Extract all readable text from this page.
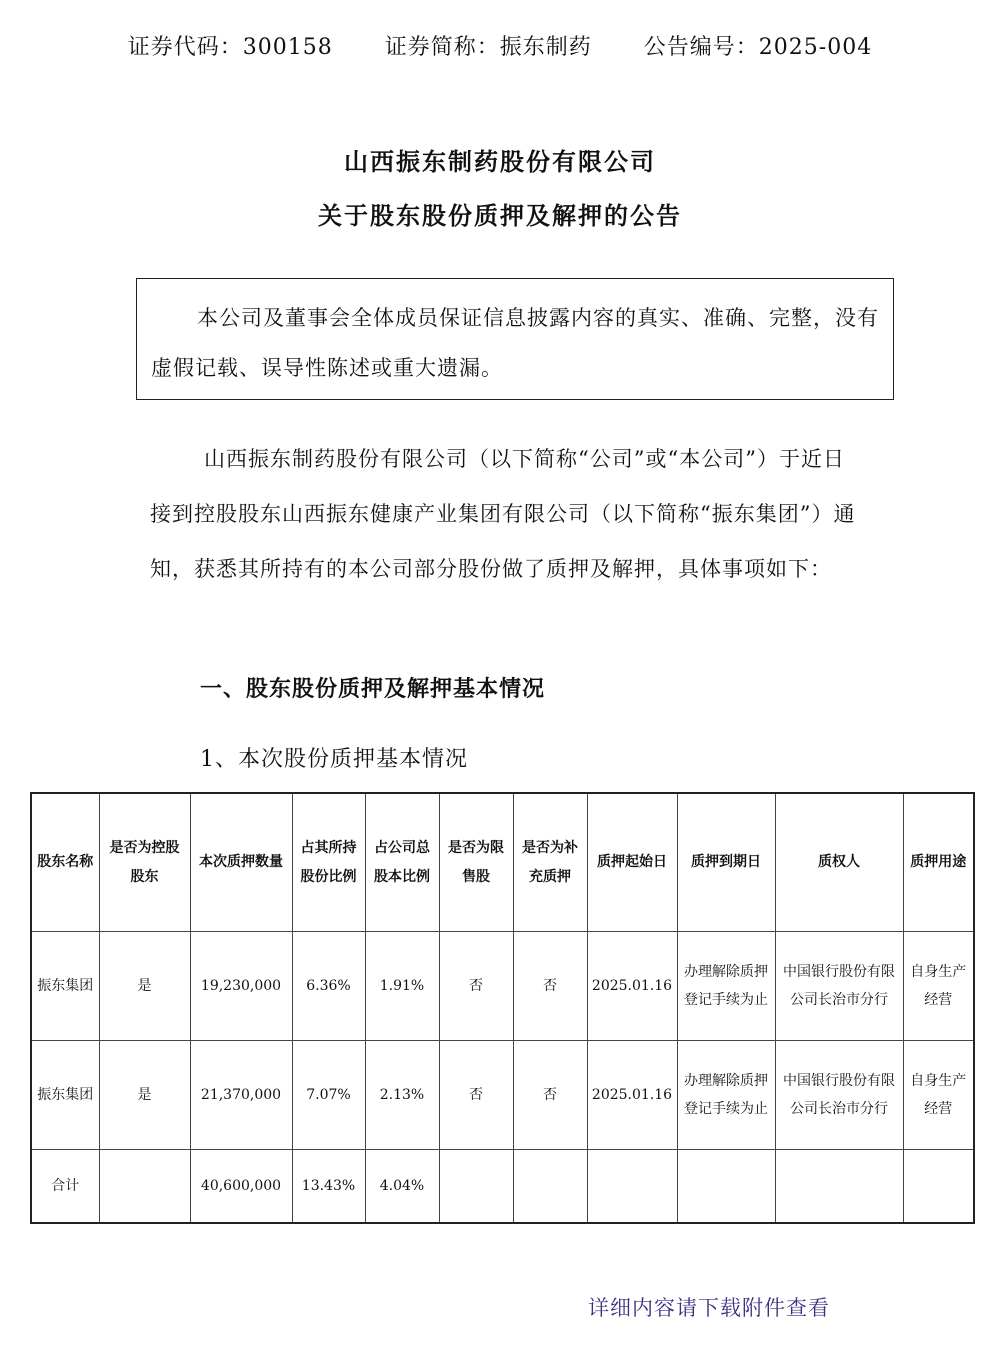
证券代码：300158 证券简称：振东制药 公告编号：2025-004
山西振东制药股份有限公司
关于股东股份质押及解押的公告
本公司及董事会全体成员保证信息披露内容的真实、准确、完整，没有虚假记载、误导性陈述或重大遗漏。
山西振东制药股份有限公司（以下简称“公司”或“本公司”）于近日接到控股股东山西振东健康产业集团有限公司（以下简称“振东集团”）通知，获悉其所持有的本公司部分股份做了质押及解押，具体事项如下：
一、股东股份质押及解押基本情况
1、本次股份质押基本情况
股东名称	是否为控股股东	本次质押数量	占其所持股份比例	占公司总股本比例	是否为限售股	是否为补充质押	质押起始日	质押到期日	质权人	质押用途
振东集团	是	19,230,000	6.36%	1.91%	否	否	2025.01.16	办理解除质押登记手续为止	中国银行股份有限公司长治市分行	自身生产经营
振东集团	是	21,370,000	7.07%	2.13%	否	否	2025.01.16	办理解除质押登记手续为止	中国银行股份有限公司长治市分行	自身生产经营
合计		40,600,000	13.43%	4.04%						
详细内容请下载附件查看
